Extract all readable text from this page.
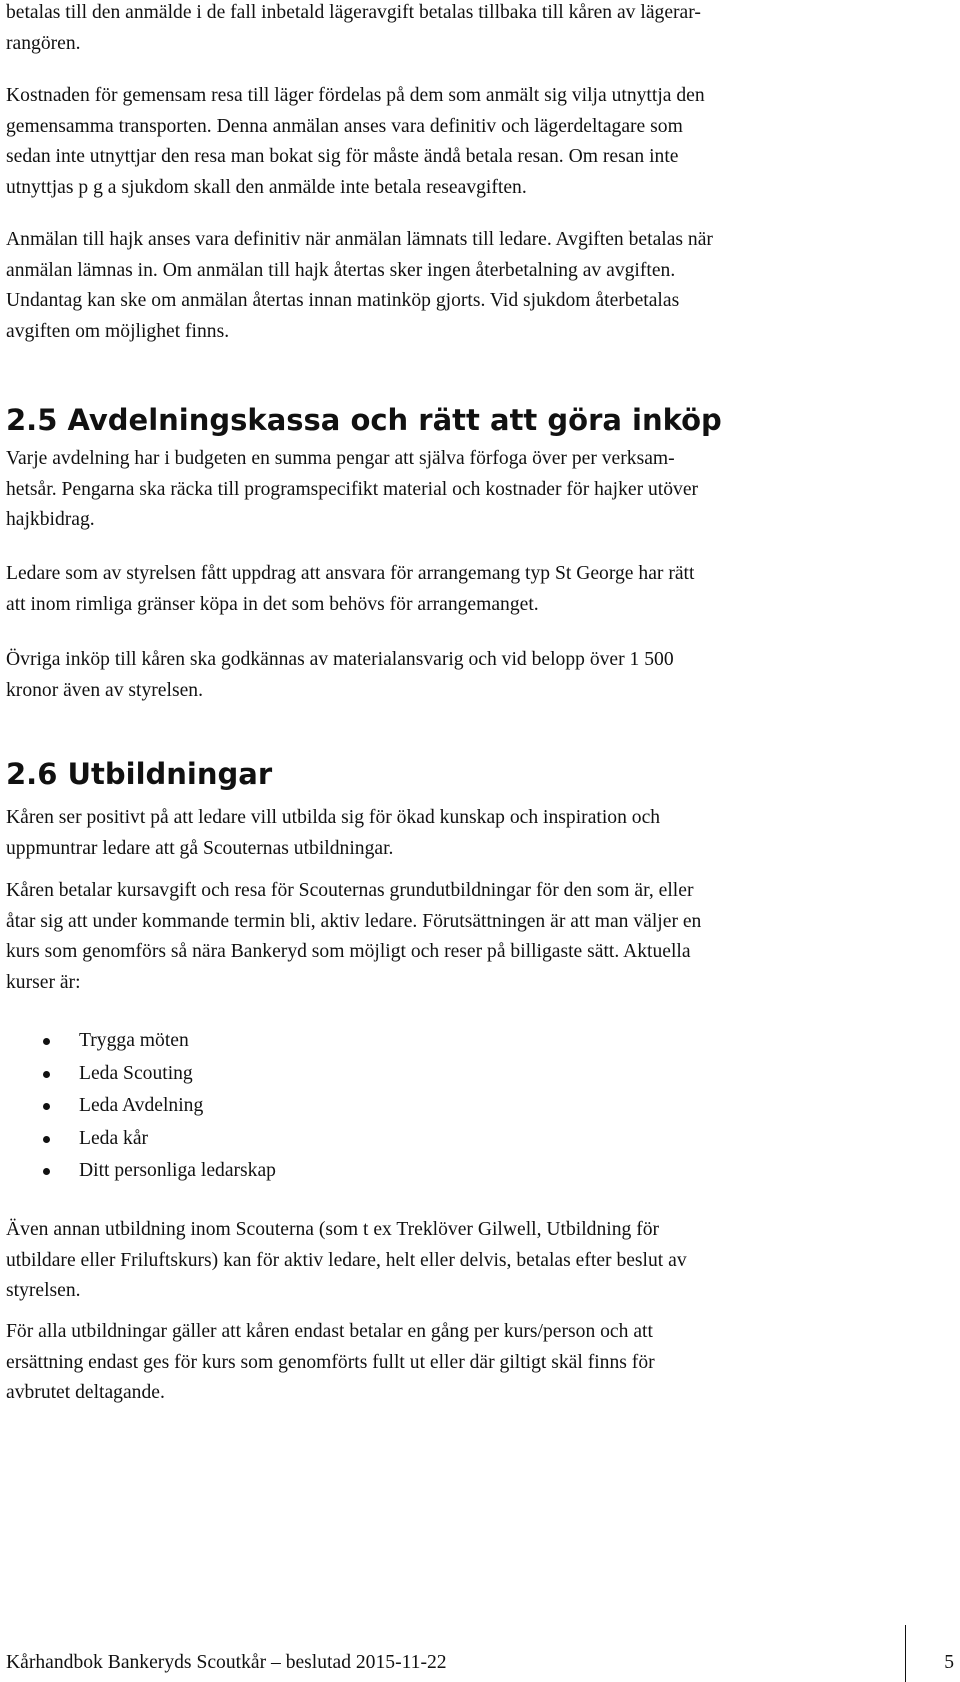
betalas till den anmälde i de fall inbetald lägeravgift betalas tillbaka till kåren av lägerar-
rangören.

Kostnaden för gemensam resa till läger fördelas på dem som anmält sig vilja utnyttja den
gemensamma transporten. Denna anmälan anses vara definitiv och lägerdeltagare som
sedan inte utnyttjar den resa man bokat sig för måste ändå betala resan. Om resan inte
utnyttjas p g a sjukdom skall den anmälde inte betala reseavgiften.

Anmälan till hajk anses vara definitiv när anmälan lämnats till ledare. Avgiften betalas när
anmälan lämnas in. Om anmälan till hajk återtas sker ingen återbetalning av avgiften.
Undantag kan ske om anmälan återtas innan matinköp gjorts. Vid sjukdom återbetalas
avgiften om möjlighet finns.

2.5 Avdelningskassa och rätt att göra inköp

Varje avdelning har i budgeten en summa pengar att själva förfoga över per verksam-
hetsår. Pengarna ska räcka till programspecifikt material och kostnader för hajker utöver
hajkbidrag.

Ledare som av styrelsen fått uppdrag att ansvara för arrangemang typ St George har rätt
att inom rimliga gränser köpa in det som behövs för arrangemanget.

Övriga inköp till kåren ska godkännas av materialansvarig och vid belopp över 1 500
kronor även av styrelsen.

2.6 Utbildningar

Kåren ser positivt på att ledare vill utbilda sig för ökad kunskap och inspiration och
uppmuntrar ledare att gå Scouternas utbildningar.

Kåren betalar kursavgift och resa för Scouternas grundutbildningar för den som är, eller
åtar sig att under kommande termin bli, aktiv ledare. Förutsättningen är att man väljer en
kurs som genomförs så nära Bankeryd som möjligt och reser på billigaste sätt. Aktuella
kurser är:

Trygga möten
Leda Scouting
Leda Avdelning
Leda kår
Ditt personliga ledarskap

Även annan utbildning inom Scouterna (som t ex Treklöver Gilwell, Utbildning för
utbildare eller Friluftskurs) kan för aktiv ledare, helt eller delvis, betalas efter beslut av
styrelsen.

För alla utbildningar gäller att kåren endast betalar en gång per kurs/person och att
ersättning endast ges för kurs som genomförts fullt ut eller där giltigt skäl finns för
avbrutet deltagande.

Kårhandbok Bankeryds Scoutkår – beslutad 2015-11-22	5
